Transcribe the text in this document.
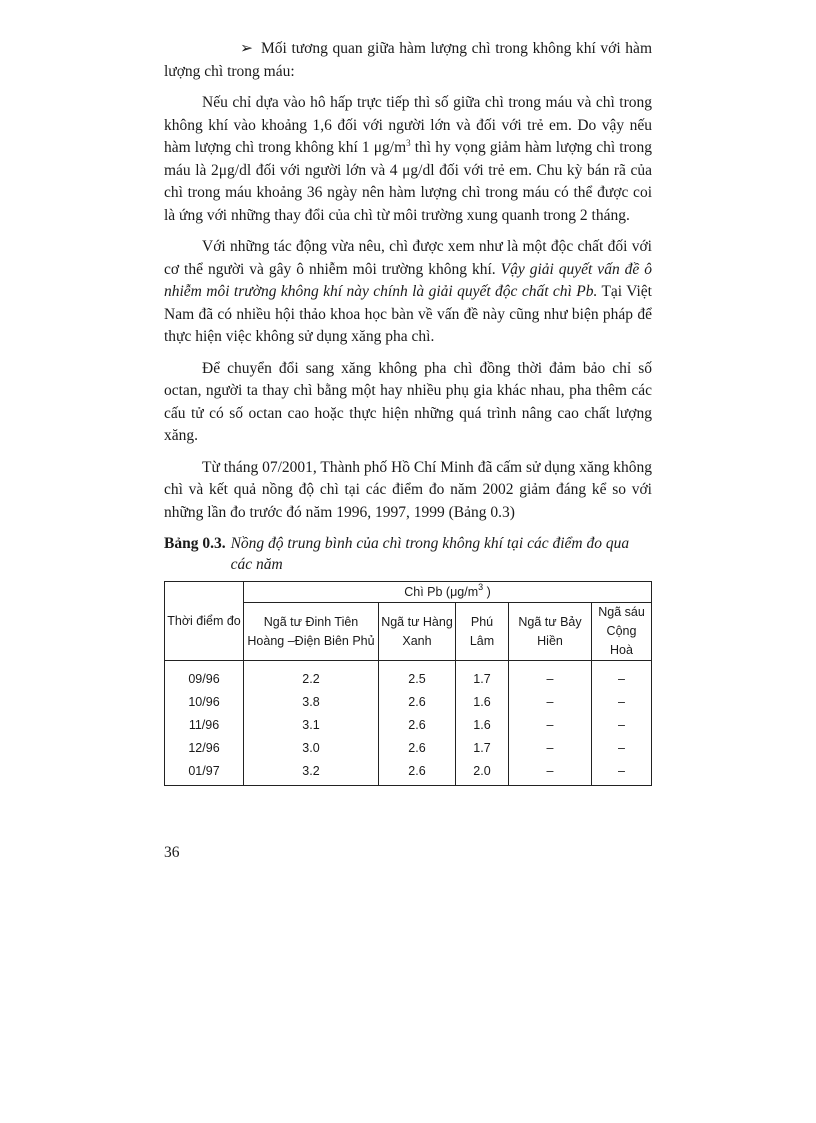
➢ Mối tương quan giữa hàm lượng chì trong không khí với hàm lượng chì trong máu:

Nếu chỉ dựa vào hô hấp trực tiếp thì số giữa chì trong máu và chì trong không khí vào khoảng 1,6 đối với người lớn và đối với trẻ em. Do vậy nếu hàm lượng chì trong không khí 1 $\mu g/m^3$ thì hy vọng giảm hàm lượng chì trong máu là 2μg/dl đối với người lớn và 4 μg/dl đối với trẻ em. Chu kỳ bán rã của chì trong máu khoảng 36 ngày nên hàm lượng chì trong máu có thể được coi là ứng với những thay đổi của chì từ môi trường xung quanh trong 2 tháng.

Với những tác động vừa nêu, chì được xem như là một độc chất đối với cơ thể người và gây ô nhiễm môi trường không khí. Vậy giải quyết vấn đề ô nhiễm môi trường không khí này chính là giải quyết độc chất chì Pb. Tại Việt Nam đã có nhiều hội thảo khoa học bàn về vấn đề này cũng như biện pháp để thực hiện việc không sử dụng xăng pha chì.

Để chuyển đổi sang xăng không pha chì đồng thời đảm bảo chỉ số octan, người ta thay chì bằng một hay nhiều phụ gia khác nhau, pha thêm các cấu tử có số octan cao hoặc thực hiện những quá trình nâng cao chất lượng xăng.

Từ tháng 07/2001, Thành phố Hồ Chí Minh đã cấm sử dụng xăng không chì và kết quả nồng độ chì tại các điểm đo năm 2002 giảm đáng kể so với những lần đo trước đó năm 1996, 1997, 1999 (Bảng 0.3)

Bảng 0.3. Nồng độ trung bình của chì trong không khí tại các điểm đo qua các năm
Thời điểm đo	Chì Pb ($\mu g/m^3$ )				
	Ngã tư Đinh Tiên Hoàng –Điện Biên Phủ	Ngã tư Hàng Xanh	Phú Lâm	Ngã tư Bảy Hiền	Ngã sáu Cộng Hoà
09/96	2.2	2.5	1.7	–	–
10/96	3.8	2.6	1.6	–	–
11/96	3.1	2.6	1.6	–	–
12/96	3.0	2.6	1.7	–	–
01/97	3.2	2.6	2.0	–	–
36
